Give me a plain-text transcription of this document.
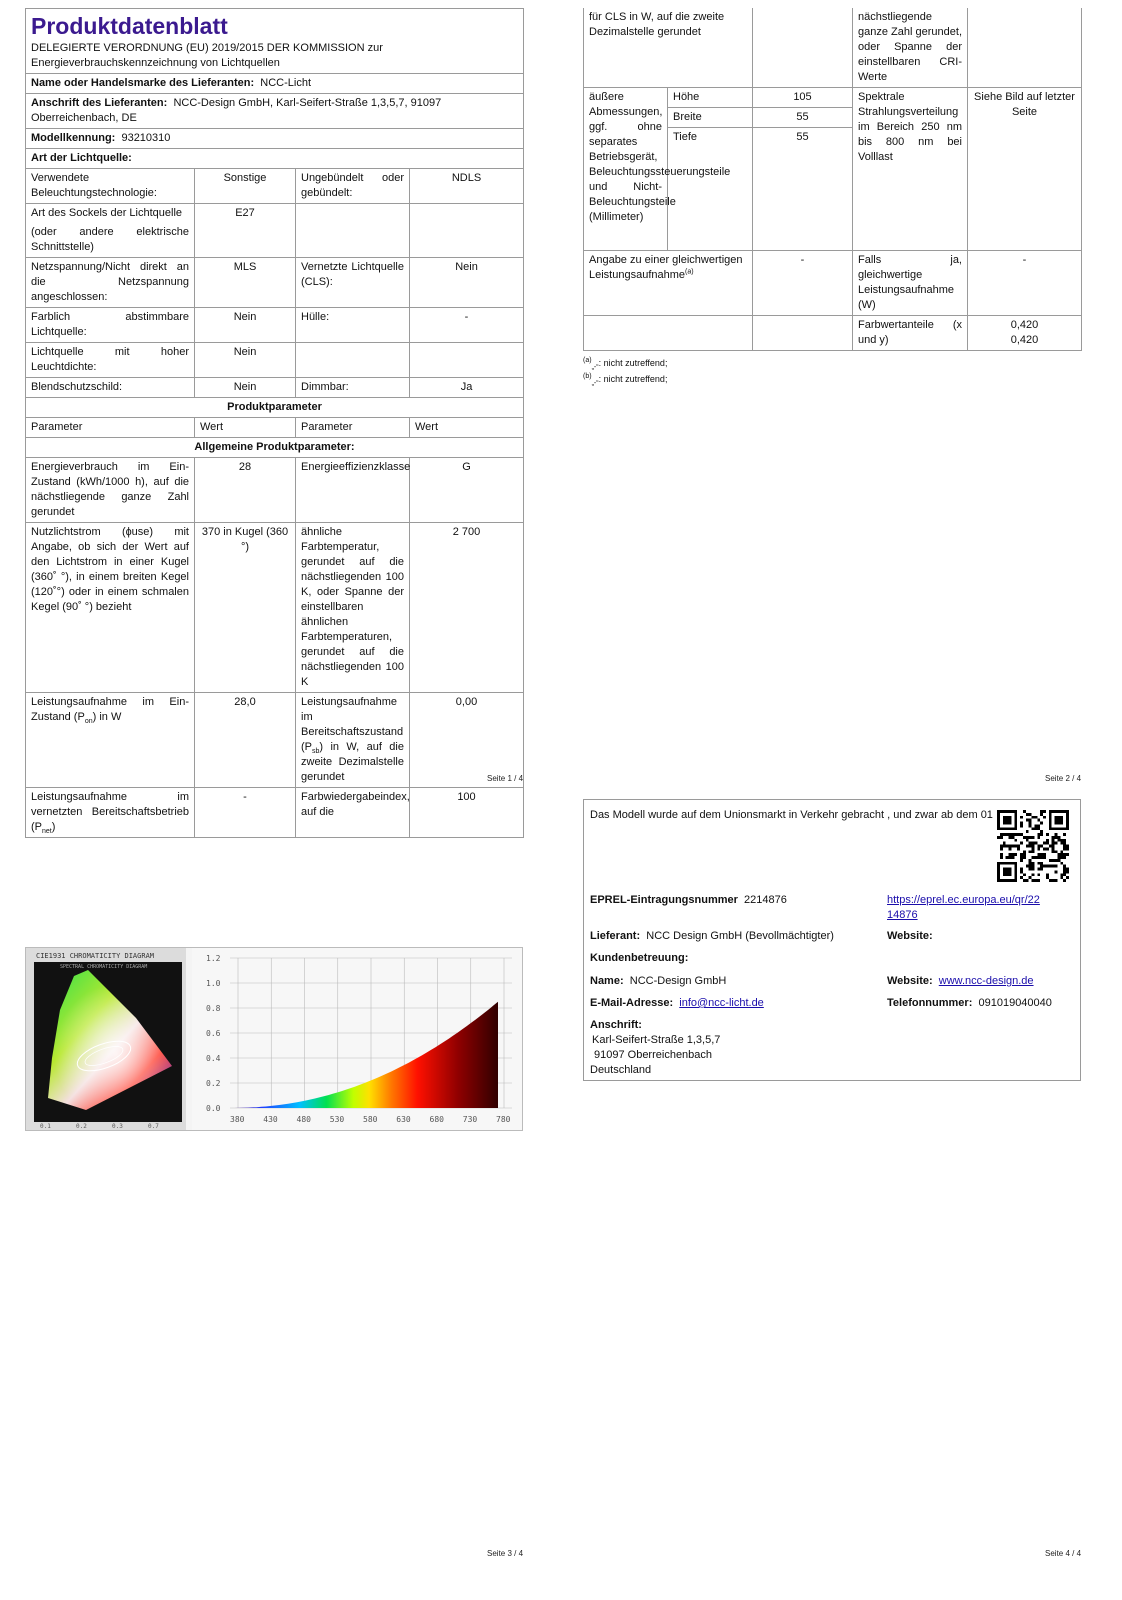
Produktdatenblatt
DELEGIERTE VERORDNUNG (EU) 2019/2015 DER KOMMISSION zur Energieverbrauchskennzeichnung von Lichtquellen

Name oder Handelsmarke des Lieferanten: NCC-Licht
Anschrift des Lieferanten: NCC-Design GmbH, Karl-Seifert-Straße 1,3,5,7, 91097 Oberreichenbach, DE
Modellkennung: 93210310
Art der Lichtquelle:
Verwendete Beleuchtungstechnologie:	Sonstige	Ungebündelt oder gebündelt:	NDLS

Art des Sockels der Lichtquelle
(oder andere elektrische Schnittstelle)	E27		
Netzspannung/Nicht direkt an die Netzspannung angeschlossen:	MLS	Vernetzte Lichtquelle (CLS):	Nein
Farblich abstimmbare Lichtquelle:	Nein	Hülle:	-
Lichtquelle mit hoher Leuchtdichte:	Nein		
Blendschutzschild:	Nein	Dimmbar:	Ja
Produktparameter			
Parameter	Wert	Parameter	Wert
Allgemeine Produktparameter:			
Energieverbrauch im Ein-Zustand (kWh/1000 h), auf die nächstliegende ganze Zahl gerundet	28	Energieeffizienzklasse	G
Nutzlichtstrom (ɸuse) mit Angabe, ob sich der Wert auf den Lichtstrom in einer Kugel (360˚ °), in einem breiten Kegel (120˚°) oder in einem schmalen Kegel (90˚ °) bezieht	370 in Kugel (360 °)	ähnliche Farbtemperatur, gerundet auf die nächstliegenden 100 K, oder Spanne der einstellbaren ähnlichen Farbtemperaturen, gerundet auf die nächstliegenden 100 K	2 700
Leistungsaufnahme im Ein-Zustand $(P_{on})$ in W	28,0	Leistungsaufnahme im Bereitschaftszustand $(P_{sb})$ in W, auf die zweite Dezimalstelle gerundet	0,00
Leistungsaufnahme im vernetzten Bereitschaftsbetrieb $(P_{net})$	-	Farbwiedergabeindex, auf die	100
Seite 1 / 4
für CLS in W, auf die zweite Dezimalstelle gerundet			nächstliegende ganze Zahl gerundet, oder Spanne der einstellbaren CRI-Werte	
äußere Abmessungen, ggf. ohne separates Betriebsgerät, Beleuchtungssteuerungsteile und Nicht-Beleuchtungsteile (Millimeter)	Höhe	105	Spektrale Strahlungsverteilung im Bereich 250 nm bis 800 nm bei Volllast	Siehe Bild auf letzter Seite
	Breite	55		
	Tiefe	55		
Angabe zu einer gleichwertigen Leistungsaufnahme$^{(a)}$		-	Falls ja, gleichwertige Leistungsaufnahme (W)	-
			Farbwertanteile (x und y)	0,420
0,420
$^{(a)}_{„-“}$: nicht zutreffend;
$^{(b)}_{„-“}$: nicht zutreffend;
Seite 2 / 4
CIE1931 CHROMATICITY DIAGRAM
SPECTRAL CHROMATICITY DIAGRAM
0.1	0.2	0.3	0.7
1.2
1.0
0.8
0.6
0.4
0.2
0.0
380 430 480 530 580 630 680 730 780
Seite 3 / 4
Das Modell wurde auf dem Unionsmarkt in Verkehr gebracht , und zwar ab dem 01
EPREL-Eintragungsnummer 2214876	https://eprel.ec.europa.eu/qr/22
14876
Lieferant: NCC Design GmbH (Bevollmächtigter)	Website:
Kundenbetreuung:
Name: NCC-Design GmbH	Website: www.ncc-design.de
E-Mail-Adresse: info@ncc-licht.de	Telefonnummer: 091019040040
Anschrift:
Karl-Seifert-Straße 1,3,5,7
91097 Oberreichenbach
Deutschland
Seite 4 / 4
